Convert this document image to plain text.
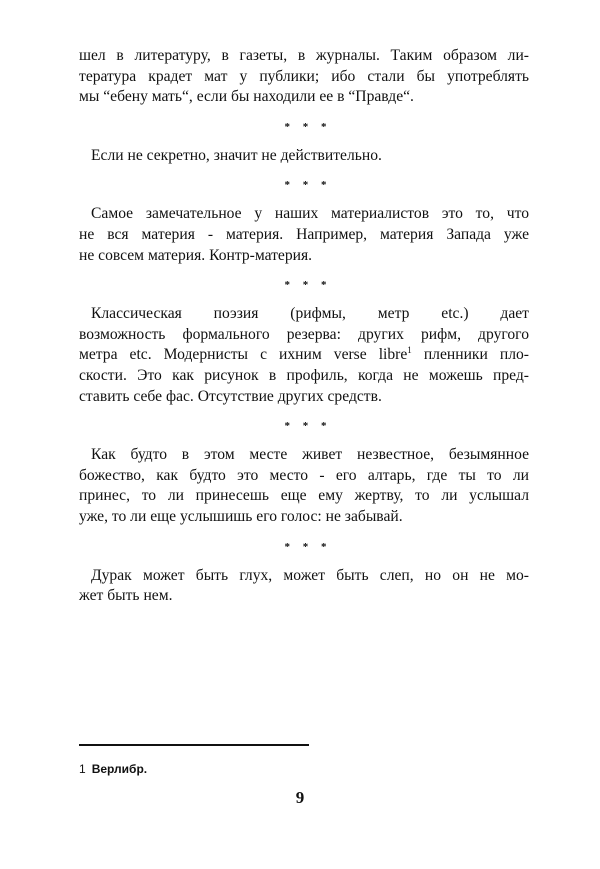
шел в литературу, в газеты, в журналы. Таким образом ли-
тература крадет мат у публики; ибо стали бы употреблять
мы “ебену мать“, если бы находили ее в “Правде“.

* * *

Если не секретно, значит не действительно.

* * *

Самое замечательное у наших материалистов это то, что
не вся материя - материя. Например, материя Запада уже
не совсем материя. Контр-материя.

* * *

Классическая поэзия (рифмы, метр etc.) дает
возможность формального резерва: других рифм, другого
метра etc. Модернисты с ихним verse libre$^1$ пленники пло-
скости. Это как рисунок в профиль, когда не можешь пред-
ставить себе фас. Отсутствие других средств.

* * *

Как будто в этом месте живет незвестное, безымянное
божество, как будто это место - его алтарь, где ты то ли
принес, то ли принесешь еще ему жертву, то ли услышал
уже, то ли еще услышишь его голос: не забывай.

* * *

Дурак может быть глух, может быть слеп, но он не мо-
жет быть нем.

1 Верлибр.
9
